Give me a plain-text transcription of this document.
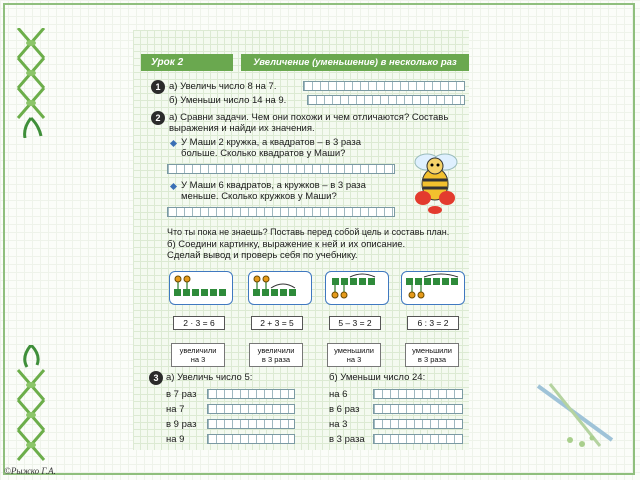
©Рыжко Г.А.
Урок 2	Увеличение (уменьшение) в несколько раз
1 а) Увеличь число 8 на 7.
б) Уменьши число 14 на 9.
2 а) Сравни задачи. Чем они похожи и чем отличаются? Составь
выражения и найди их значения.
У Маши 2 кружка, а квадратов – в 3 раза
больше. Сколько квадратов у Маши?
У Маши 6 квадратов, а кружков – в 3 раза
меньше. Сколько кружков у Маши?
Что ты пока не знаешь? Поставь перед собой цель и составь план.
б) Соедини картинку, выражение к ней и их описание.
Сделай вывод и проверь себя по учебнику.
2 · 3 = 6	2 + 3 = 5	5 – 3 = 2	6 : 3 = 2
увеличили
на 3
увеличили
в 3 раза
уменьшили
на 3
уменьшили
в 3 раза
3 а) Увеличь число 5:	б) Уменьши число 24:
в 7 раз
на 7
в 9 раз
на 9
на 6
в 6 раз
на 3
в 3 раза
